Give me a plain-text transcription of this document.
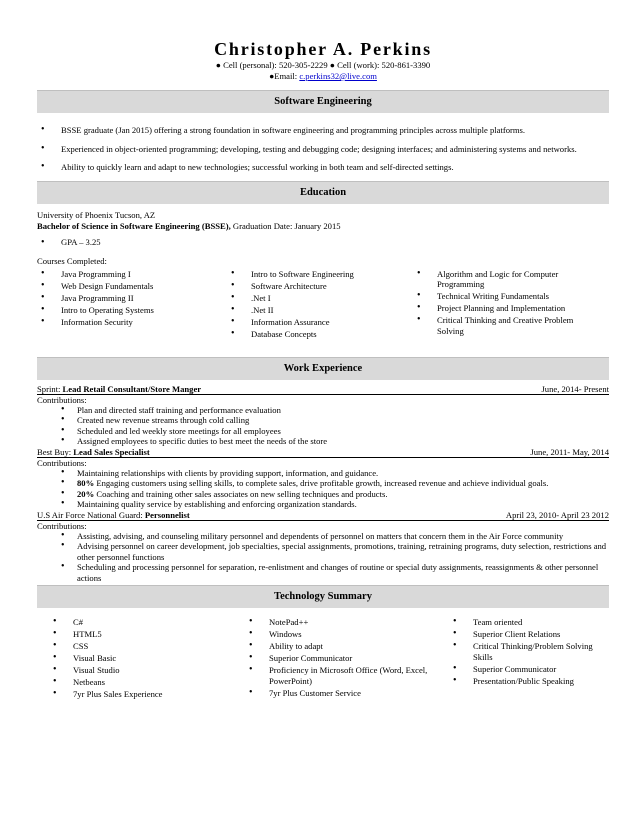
Christopher A. Perkins
● Cell (personal): 520-305-2229 ● Cell (work): 520-861-3390
●Email: c.perkins32@live.com
Software Engineering
• BSSE graduate (Jan 2015) offering a strong foundation in software engineering and programming principles across multiple platforms.
• Experienced in object-oriented programming; developing, testing and debugging code; designing interfaces; and administering systems and networks.
• Ability to quickly learn and adapt to new technologies; successful working in both team and self-directed settings.
Education
University of Phoenix Tucson, AZ
Bachelor of Science in Software Engineering (BSSE), Graduation Date: January 2015
• GPA – 3.25
Courses Completed:
• Java Programming I
• Web Design Fundamentals
• Java Programming II
• Intro to Operating Systems
• Information Security
• Intro to Software Engineering
• Software Architecture
• .Net I
• .Net II
• Information Assurance
• Database Concepts
• Algorithm and Logic for Computer Programming
• Technical Writing Fundamentals
• Project Planning and Implementation
• Critical Thinking and Creative Problem Solving
Work Experience
Sprint: Lead Retail Consultant/Store Manger	June, 2014- Present
Contributions:
• Plan and directed staff training and performance evaluation
• Created new revenue streams through cold calling
• Scheduled and led weekly store meetings for all employees
• Assigned employees to specific duties to best meet the needs of the store
Best Buy: Lead Sales Specialist	June, 2011- May, 2014
Contributions:
• Maintaining relationships with clients by providing support, information, and guidance.
• 80% Engaging customers using selling skills, to complete sales, drive profitable growth, increased revenue and achieve individual goals.
• 20% Coaching and training other sales associates on new selling techniques and products.
• Maintaining quality service by establishing and enforcing organization standards.
U.S Air Force National Guard: Personnelist	April 23, 2010- April 23 2012
Contributions:
• Assisting, advising, and counseling military personnel and dependents of personnel on matters that concern them in the Air Force community
• Advising personnel on career development, job specialties, special assignments, promotions, training, retraining programs, duty selection, restrictions and other personnel functions
• Scheduling and processing personnel for separation, re-enlistment and changes of routine or special duty assignments, reassignments & other personnel actions
Technology Summary
• C#
• HTML5
• CSS
• Visual Basic
• Visual Studio
• Netbeans
• 7yr Plus Sales Experience
• NotePad++
• Windows
• Ability to adapt
• Superior Communicator
• Proficiency in Microsoft Office (Word, Excel, PowerPoint)
• 7yr Plus Customer Service
• Team oriented
• Superior Client Relations
• Critical Thinking/Problem Solving Skills
• Superior Communicator
• Presentation/Public Speaking
